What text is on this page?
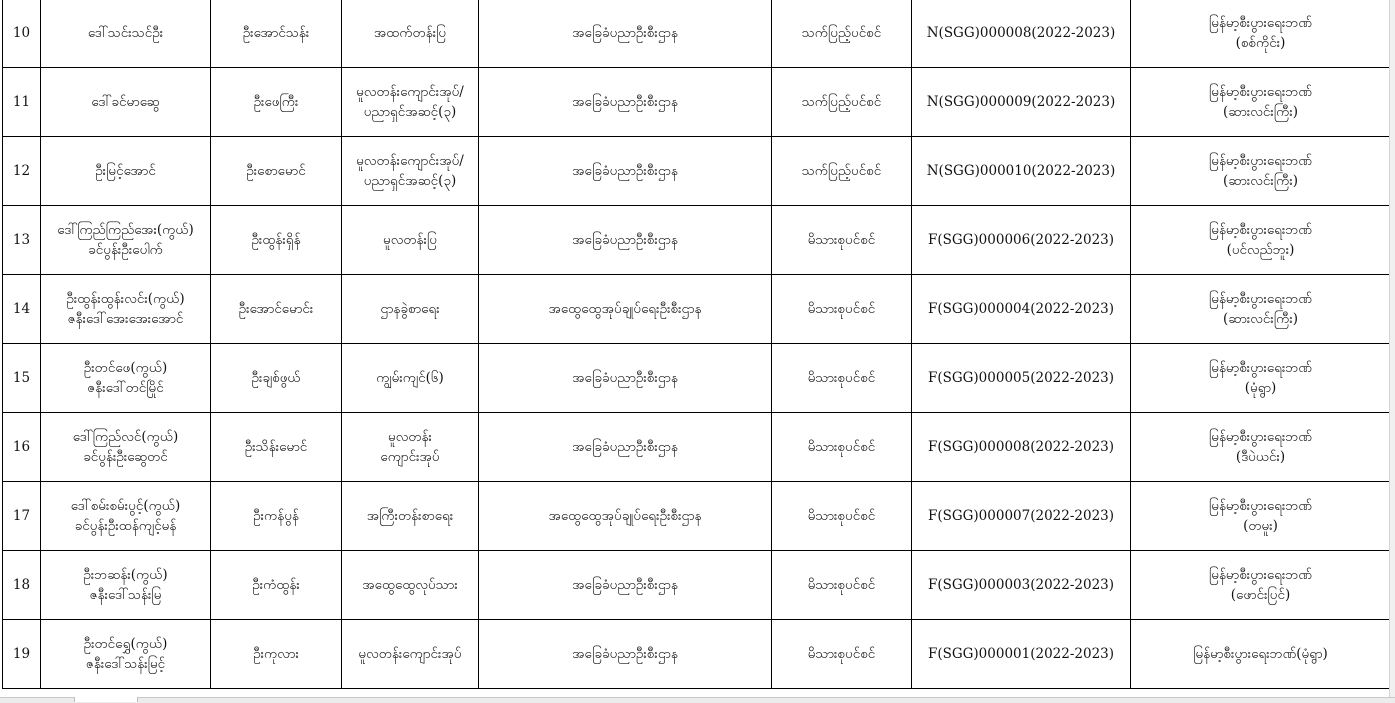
10	ဒေါ်သင်းသင်ဦး	ဦးအောင်သန်း	အထက်တန်းပြ	အခြေခံပညာဦးစီးဌာန	သက်ပြည့်ပင်စင်	N(SGG)000008(2022-2023)	မြန်မာ့စီးပွားရေးဘဏ်
(စစ်ကိုင်း)

11	ဒေါ်ခင်မာဆွေ	ဦးဖေကြီး	မူလတန်းကျောင်းအုပ်/
ပညာရှင်အဆင့်(၃)	အခြေခံပညာဦးစီးဌာန	သက်ပြည့်ပင်စင်	N(SGG)000009(2022-2023)	မြန်မာ့စီးပွားရေးဘဏ်
(ဆားလင်းကြီး)

12	ဦးမြင့်အောင်	ဦးစောမောင်	မူလတန်းကျောင်းအုပ်/
ပညာရှင်အဆင့်(၃)	အခြေခံပညာဦးစီးဌာန	သက်ပြည့်ပင်စင်	N(SGG)000010(2022-2023)	မြန်မာ့စီးပွားရေးဘဏ်
(ဆားလင်းကြီး)

13	ဒေါ်ကြည်ကြည်အေး(ကွယ်)
ခင်ပွန်းဦးပေါက်	ဦးထွန်းရှိန်	မူလတန်းပြ	အခြေခံပညာဦးစီးဌာန	မိသားစုပင်စင်	F(SGG)000006(2022-2023)	မြန်မာ့စီးပွားရေးဘဏ်
(ပင်လည်ဘူး)

14	ဦးထွန်းထွန်းလင်း(ကွယ်)
ဇနီးဒေါ်အေးအေးအောင်	ဦးအောင်မောင်း	ဌာနခွဲစာရေး	အထွေထွေအုပ်ချုပ်ရေးဦးစီးဌာန	မိသားစုပင်စင်	F(SGG)000004(2022-2023)	မြန်မာ့စီးပွားရေးဘဏ်
(ဆားလင်းကြီး)

15	ဦးတင်ဖေ(ကွယ်)
ဇနီးဒေါ်တင်မြိုင်	ဦးချစ်ဖွယ်	ကျွမ်းကျင်(၆)	အခြေခံပညာဦးစီးဌာန	မိသားစုပင်စင်	F(SGG)000005(2022-2023)	မြန်မာ့စီးပွားရေးဘဏ်
(မုံရွာ)

16	ဒေါ်ကြည်လင်(ကွယ်)
ခင်ပွန်းဦးဆွေတင်	ဦးသိန်းမောင်	မူလတန်း
ကျောင်းအုပ်	အခြေခံပညာဦးစီးဌာန	မိသားစုပင်စင်	F(SGG)000008(2022-2023)	မြန်မာ့စီးပွားရေးဘဏ်
(ဒီပဲယင်း)

17	ဒေါ်စမ်းစမ်းပွင့်(ကွယ်)
ခင်ပွန်းဦးထန်ကျင့်မန်	ဦးကန်ပွန်	အကြီးတန်းစာရေး	အထွေထွေအုပ်ချုပ်ရေးဦးစီးဌာန	မိသားစုပင်စင်	F(SGG)000007(2022-2023)	မြန်မာ့စီးပွားရေးဘဏ်
(တမူး)

18	ဦးဘဆန်း(ကွယ်)
ဇနီးဒေါ်သန်းမြ	ဦးကံထွန်း	အထွေထွေလုပ်သား	အခြေခံပညာဦးစီးဌာန	မိသားစုပင်စင်	F(SGG)000003(2022-2023)	မြန်မာ့စီးပွားရေးဘဏ်
(ဖောင်းပြင်)

19	ဦးတင်ရွှေ(ကွယ်)
ဇနီးဒေါ်သန်းမြင့်	ဦးကုလား	မူလတန်းကျောင်းအုပ်	အခြေခံပညာဦးစီးဌာန	မိသားစုပင်စင်	F(SGG)000001(2022-2023)	မြန်မာ့စီးပွားရေးဘဏ်(မုံရွာ)
